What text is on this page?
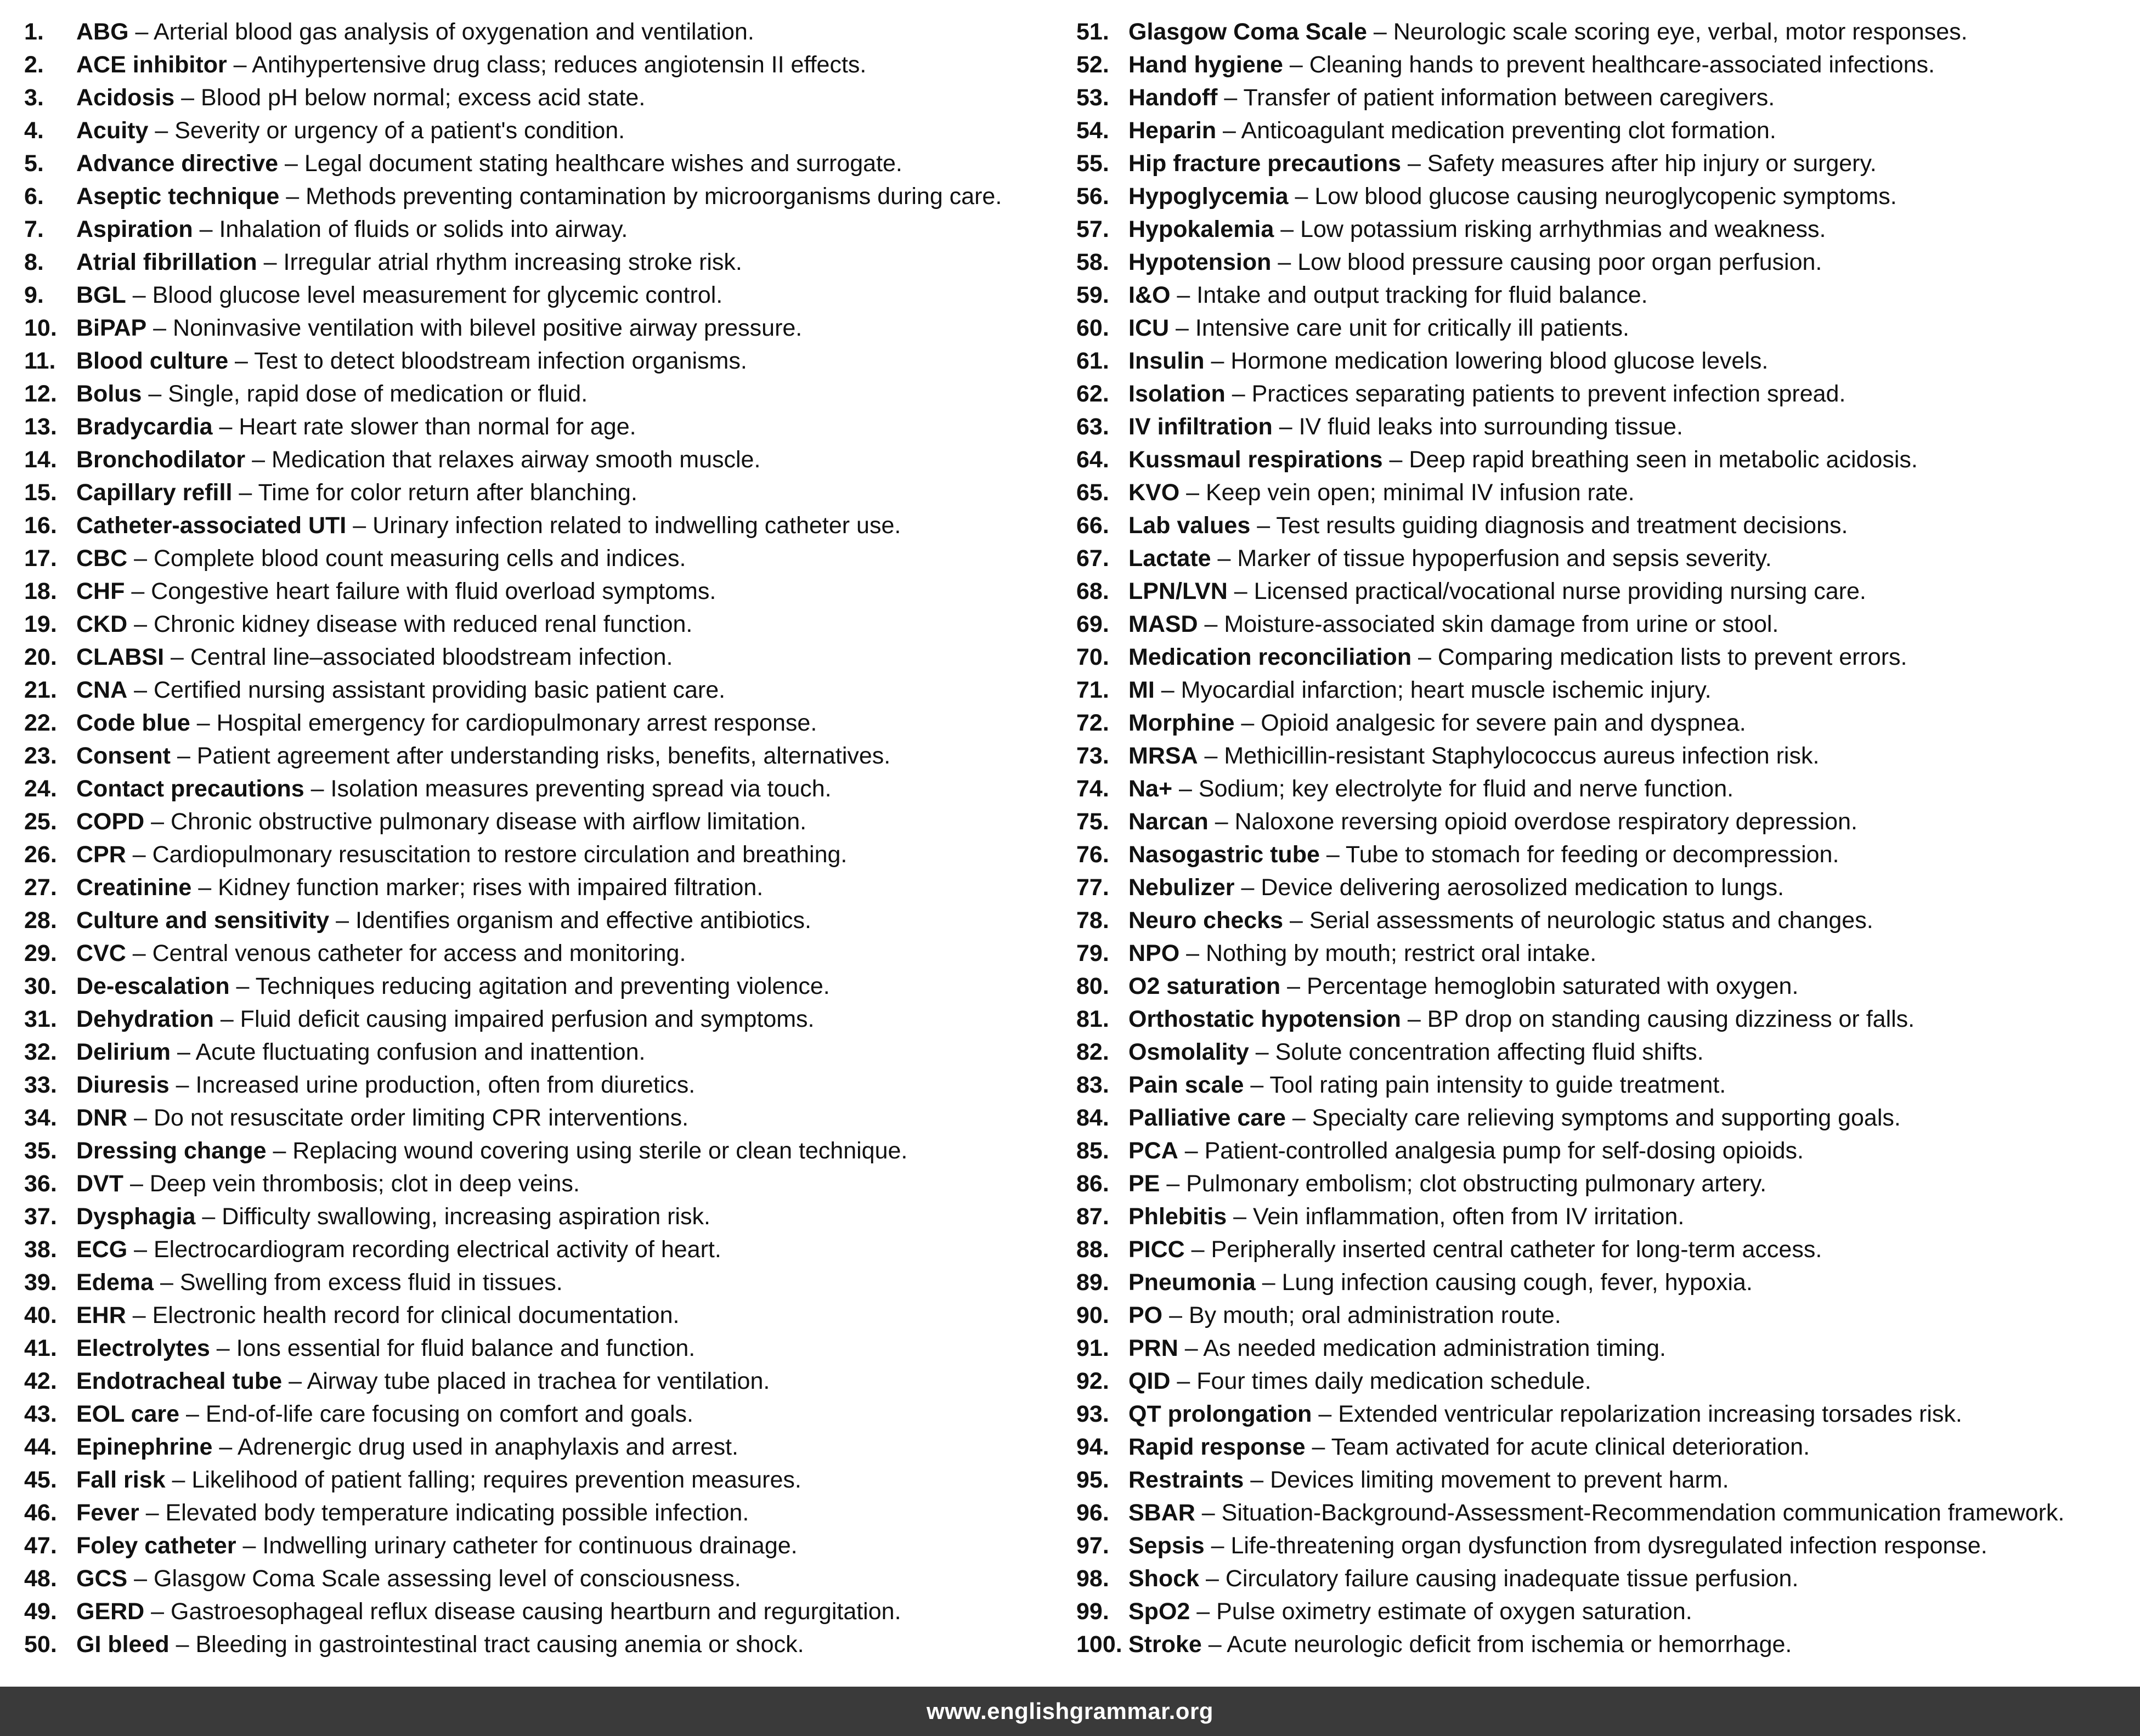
1.	ABG – Arterial blood gas analysis of oxygenation and ventilation.
2.	ACE inhibitor – Antihypertensive drug class; reduces angiotensin II effects.
3.	Acidosis – Blood pH below normal; excess acid state.
4.	Acuity – Severity or urgency of a patient's condition.
5.	Advance directive – Legal document stating healthcare wishes and surrogate.
6.	Aseptic technique – Methods preventing contamination by microorganisms during care.
7.	Aspiration – Inhalation of fluids or solids into airway.
8.	Atrial fibrillation – Irregular atrial rhythm increasing stroke risk.
9.	BGL – Blood glucose level measurement for glycemic control.
10. BiPAP – Noninvasive ventilation with bilevel positive airway pressure.
11. Blood culture – Test to detect bloodstream infection organisms.
12. Bolus – Single, rapid dose of medication or fluid.
13. Bradycardia – Heart rate slower than normal for age.
14. Bronchodilator – Medication that relaxes airway smooth muscle.
15. Capillary refill – Time for color return after blanching.
16. Catheter-associated UTI – Urinary infection related to indwelling catheter use.
17. CBC – Complete blood count measuring cells and indices.
18. CHF – Congestive heart failure with fluid overload symptoms.
19. CKD – Chronic kidney disease with reduced renal function.
20. CLABSI – Central line–associated bloodstream infection.
21. CNA – Certified nursing assistant providing basic patient care.
22. Code blue – Hospital emergency for cardiopulmonary arrest response.
23. Consent – Patient agreement after understanding risks, benefits, alternatives.
24. Contact precautions – Isolation measures preventing spread via touch.
25. COPD – Chronic obstructive pulmonary disease with airflow limitation.
26. CPR – Cardiopulmonary resuscitation to restore circulation and breathing.
27. Creatinine – Kidney function marker; rises with impaired filtration.
28. Culture and sensitivity – Identifies organism and effective antibiotics.
29. CVC – Central venous catheter for access and monitoring.
30. De-escalation – Techniques reducing agitation and preventing violence.
31. Dehydration – Fluid deficit causing impaired perfusion and symptoms.
32. Delirium – Acute fluctuating confusion and inattention.
33. Diuresis – Increased urine production, often from diuretics.
34. DNR – Do not resuscitate order limiting CPR interventions.
35. Dressing change – Replacing wound covering using sterile or clean technique.
36. DVT – Deep vein thrombosis; clot in deep veins.
37. Dysphagia – Difficulty swallowing, increasing aspiration risk.
38. ECG – Electrocardiogram recording electrical activity of heart.
39. Edema – Swelling from excess fluid in tissues.
40. EHR – Electronic health record for clinical documentation.
41. Electrolytes – Ions essential for fluid balance and function.
42. Endotracheal tube – Airway tube placed in trachea for ventilation.
43. EOL care – End-of-life care focusing on comfort and goals.
44. Epinephrine – Adrenergic drug used in anaphylaxis and arrest.
45. Fall risk – Likelihood of patient falling; requires prevention measures.
46. Fever – Elevated body temperature indicating possible infection.
47. Foley catheter – Indwelling urinary catheter for continuous drainage.
48. GCS – Glasgow Coma Scale assessing level of consciousness.
49. GERD – Gastroesophageal reflux disease causing heartburn and regurgitation.
50. GI bleed – Bleeding in gastrointestinal tract causing anemia or shock.
51. Glasgow Coma Scale – Neurologic scale scoring eye, verbal, motor responses.
52. Hand hygiene – Cleaning hands to prevent healthcare-associated infections.
53. Handoff – Transfer of patient information between caregivers.
54. Heparin – Anticoagulant medication preventing clot formation.
55. Hip fracture precautions – Safety measures after hip injury or surgery.
56. Hypoglycemia – Low blood glucose causing neuroglycopenic symptoms.
57. Hypokalemia – Low potassium risking arrhythmias and weakness.
58. Hypotension – Low blood pressure causing poor organ perfusion.
59. I&O – Intake and output tracking for fluid balance.
60. ICU – Intensive care unit for critically ill patients.
61. Insulin – Hormone medication lowering blood glucose levels.
62. Isolation – Practices separating patients to prevent infection spread.
63. IV infiltration – IV fluid leaks into surrounding tissue.
64. Kussmaul respirations – Deep rapid breathing seen in metabolic acidosis.
65. KVO – Keep vein open; minimal IV infusion rate.
66. Lab values – Test results guiding diagnosis and treatment decisions.
67. Lactate – Marker of tissue hypoperfusion and sepsis severity.
68. LPN/LVN – Licensed practical/vocational nurse providing nursing care.
69. MASD – Moisture-associated skin damage from urine or stool.
70. Medication reconciliation – Comparing medication lists to prevent errors.
71. MI – Myocardial infarction; heart muscle ischemic injury.
72. Morphine – Opioid analgesic for severe pain and dyspnea.
73. MRSA – Methicillin-resistant Staphylococcus aureus infection risk.
74. Na+ – Sodium; key electrolyte for fluid and nerve function.
75. Narcan – Naloxone reversing opioid overdose respiratory depression.
76. Nasogastric tube – Tube to stomach for feeding or decompression.
77. Nebulizer – Device delivering aerosolized medication to lungs.
78. Neuro checks – Serial assessments of neurologic status and changes.
79. NPO – Nothing by mouth; restrict oral intake.
80. O2 saturation – Percentage hemoglobin saturated with oxygen.
81. Orthostatic hypotension – BP drop on standing causing dizziness or falls.
82. Osmolality – Solute concentration affecting fluid shifts.
83. Pain scale – Tool rating pain intensity to guide treatment.
84. Palliative care – Specialty care relieving symptoms and supporting goals.
85. PCA – Patient-controlled analgesia pump for self-dosing opioids.
86. PE – Pulmonary embolism; clot obstructing pulmonary artery.
87. Phlebitis – Vein inflammation, often from IV irritation.
88. PICC – Peripherally inserted central catheter for long-term access.
89. Pneumonia – Lung infection causing cough, fever, hypoxia.
90. PO – By mouth; oral administration route.
91. PRN – As needed medication administration timing.
92. QID – Four times daily medication schedule.
93. QT prolongation – Extended ventricular repolarization increasing torsades risk.
94. Rapid response – Team activated for acute clinical deterioration.
95. Restraints – Devices limiting movement to prevent harm.
96. SBAR – Situation-Background-Assessment-Recommendation communication framework.
97. Sepsis – Life-threatening organ dysfunction from dysregulated infection response.
98. Shock – Circulatory failure causing inadequate tissue perfusion.
99. SpO2 – Pulse oximetry estimate of oxygen saturation.
100. Stroke – Acute neurologic deficit from ischemia or hemorrhage.
www.englishgrammar.org
